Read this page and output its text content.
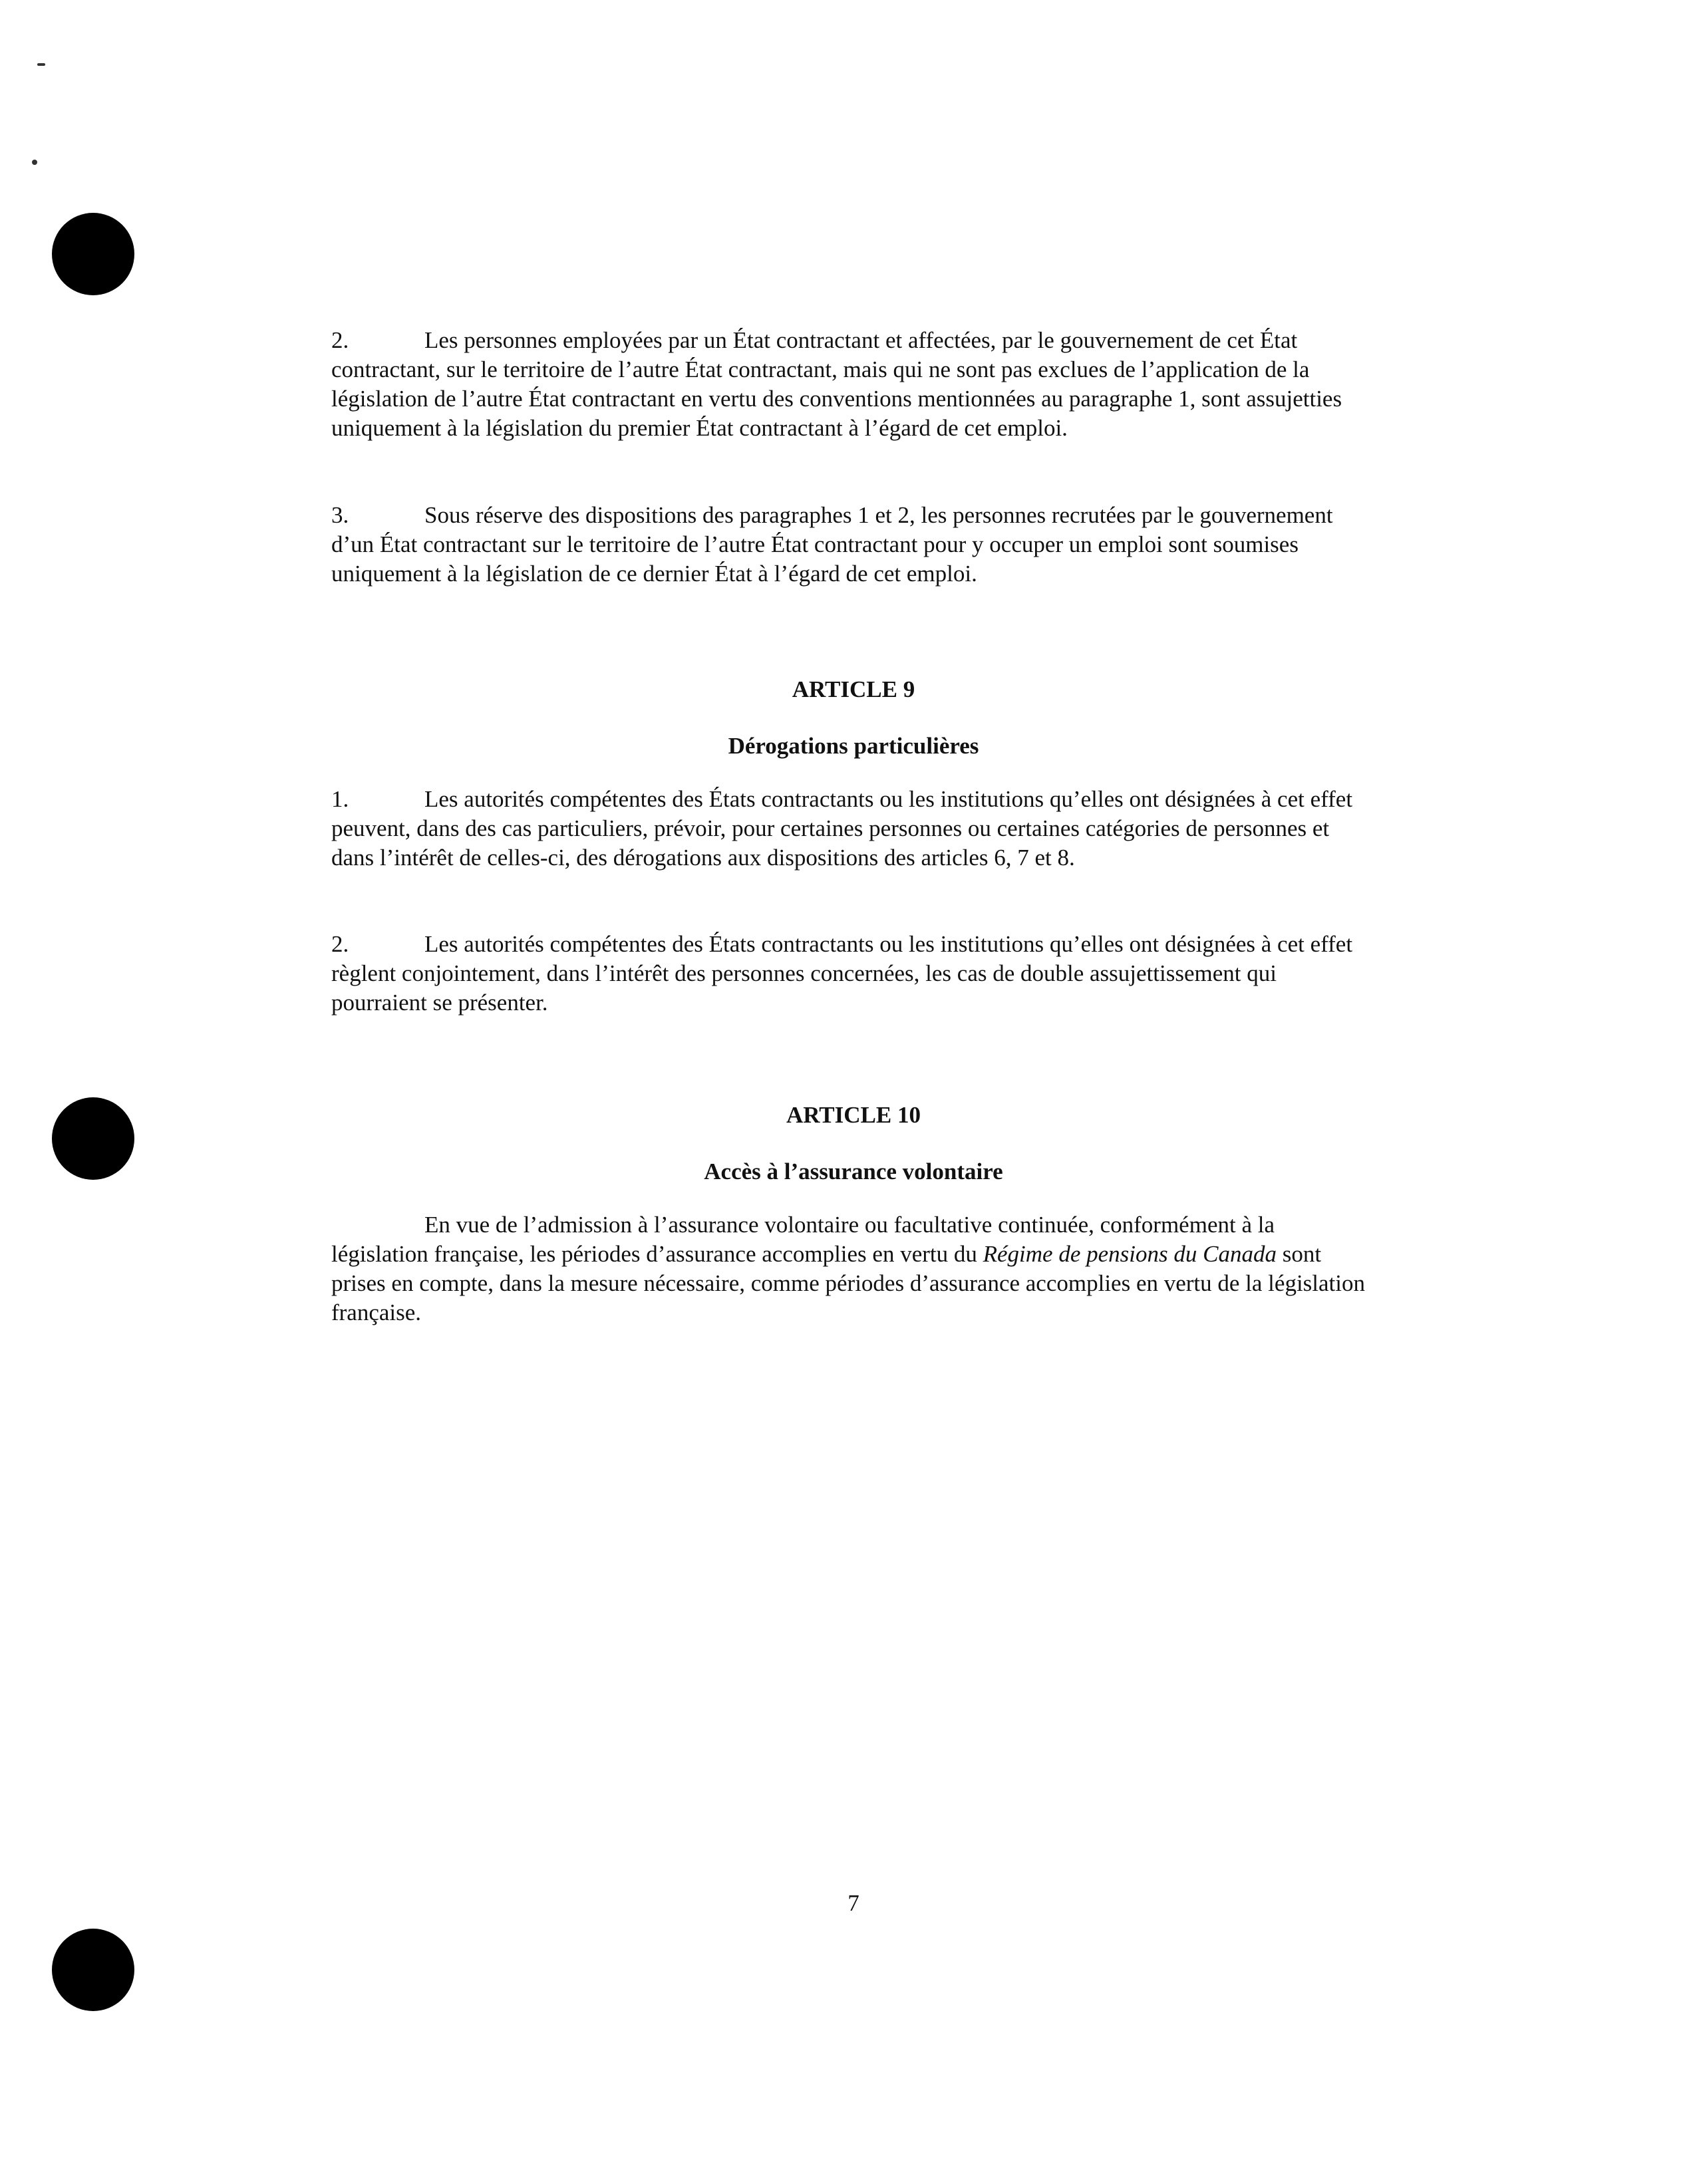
2.	Les personnes employées par un État contractant et affectées, par le gouvernement de cet État contractant, sur le territoire de l’autre État contractant, mais qui ne sont pas exclues de l’application de la législation de l’autre État contractant en vertu des conventions mentionnées au paragraphe 1, sont assujetties uniquement à la législation du premier État contractant à l’égard de cet emploi.

3.	Sous réserve des dispositions des paragraphes 1 et 2, les personnes recrutées par le gouvernement d’un État contractant sur le territoire de l’autre État contractant pour y occuper un emploi sont soumises uniquement à la législation de ce dernier État à l’égard de cet emploi.

ARTICLE 9
Dérogations particulières

1.	Les autorités compétentes des États contractants ou les institutions qu’elles ont désignées à cet effet peuvent, dans des cas particuliers, prévoir, pour certaines personnes ou certaines catégories de personnes et dans l’intérêt de celles-ci, des dérogations aux dispositions des articles 6, 7 et 8.

2.	Les autorités compétentes des États contractants ou les institutions qu’elles ont désignées à cet effet règlent conjointement, dans l’intérêt des personnes concernées, les cas de double assujettissement qui pourraient se présenter.

ARTICLE 10
Accès à l’assurance volontaire

En vue de l’admission à l’assurance volontaire ou facultative continuée, conformément à la législation française, les périodes d’assurance accomplies en vertu du Régime de pensions du Canada sont prises en compte, dans la mesure nécessaire, comme périodes d’assurance accomplies en vertu de la législation française.

7
